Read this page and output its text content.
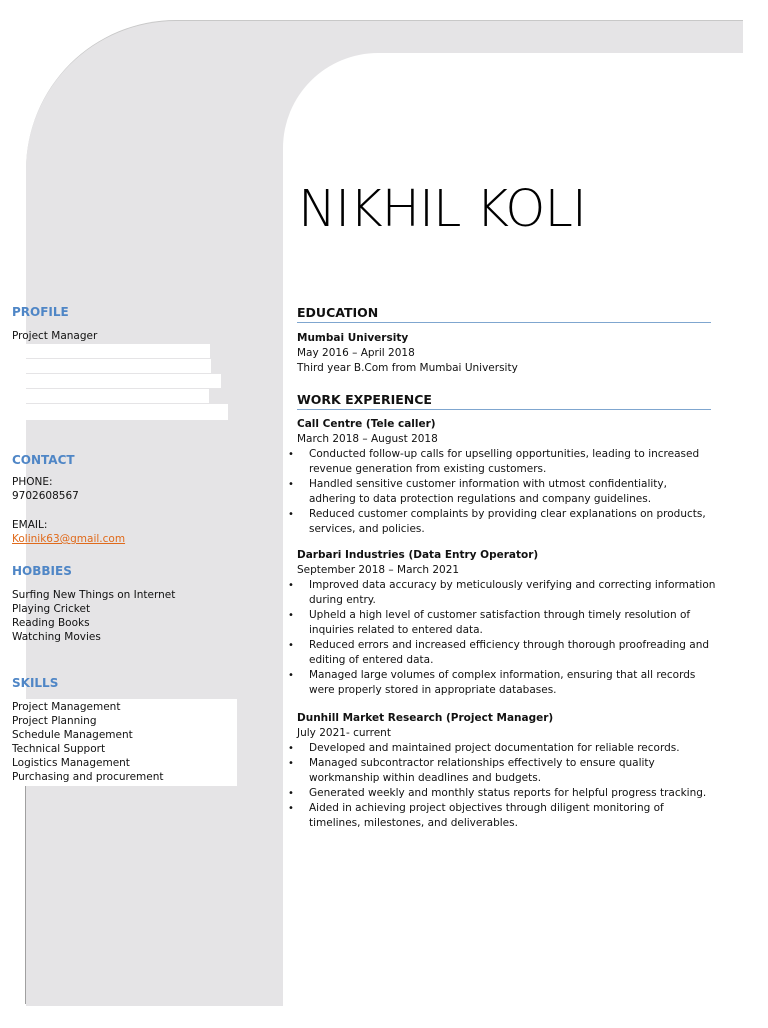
NIKHIL KOLI
PROFILE

Project Manager

CONTACT

PHONE:

9702608567

EMAIL:

Kolinik63@gmail.com

HOBBIES

Surfing New Things on Internet

Playing Cricket

Reading Books

Watching Movies

SKILLS

Project Management

Project Planning

Schedule Management

Technical Support

Logistics Management

Purchasing and procurement

EDUCATION

Mumbai University

May 2016 – April 2018

Third year B.Com from Mumbai University

WORK EXPERIENCE

Call Centre (Tele caller)

March 2018 – August 2018

• Conducted follow-up calls for upselling opportunities, leading to increased revenue generation from existing customers.
• Handled sensitive customer information with utmost confidentiality, adhering to data protection regulations and company guidelines.
• Reduced customer complaints by providing clear explanations on products, services, and policies.

Darbari Industries (Data Entry Operator)

September 2018 – March 2021

• Improved data accuracy by meticulously verifying and correcting information during entry.
• Upheld a high level of customer satisfaction through timely resolution of inquiries related to entered data.
• Reduced errors and increased efficiency through thorough proofreading and editing of entered data.
• Managed large volumes of complex information, ensuring that all records were properly stored in appropriate databases.

Dunhill Market Research (Project Manager)

July 2021- current

• Developed and maintained project documentation for reliable records.
• Managed subcontractor relationships effectively to ensure quality workmanship within deadlines and budgets.
• Generated weekly and monthly status reports for helpful progress tracking.
• Aided in achieving project objectives through diligent monitoring of timelines, milestones, and deliverables.
